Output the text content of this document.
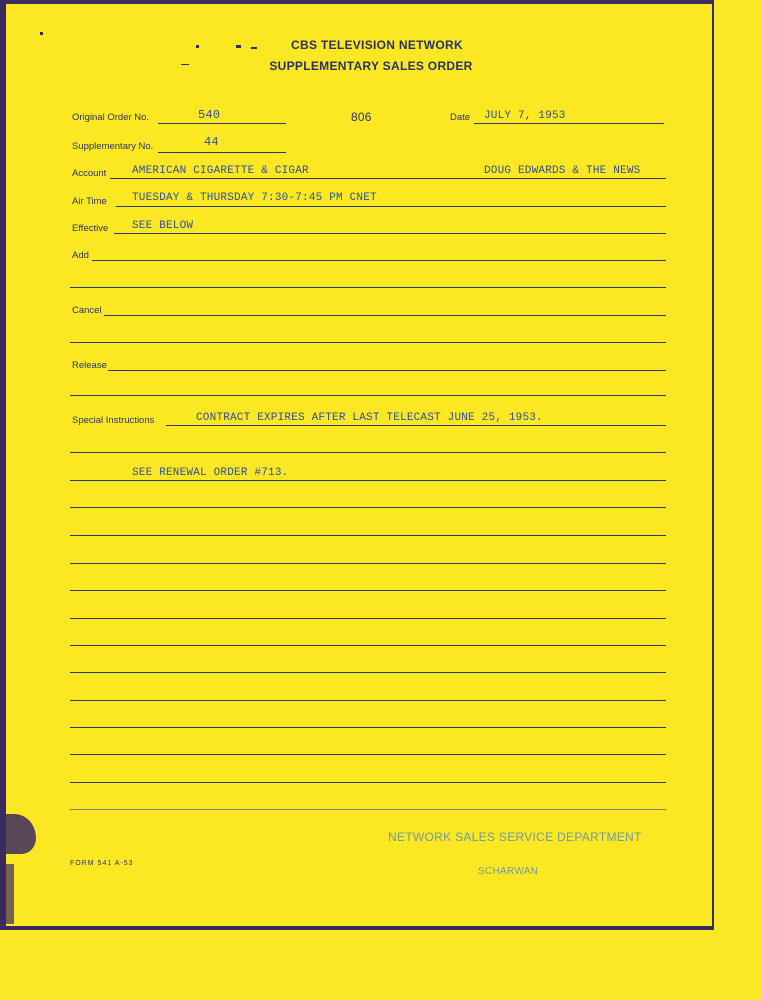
CBS TELEVISION NETWORK
SUPPLEMENTARY SALES ORDER
Original Order No.	540	806	Date JULY 7, 1953
Supplementary No.	44
Account AMERICAN CIGARETTE & CIGAR	DOUG EDWARDS & THE NEWS
Air Time TUESDAY & THURSDAY 7:30-7:45 PM CNET
Effective SEE BELOW
Add
Cancel
Release
Special Instructions	CONTRACT EXPIRES AFTER LAST TELECAST JUNE 25, 1953.
SEE RENEWAL ORDER #713.
NETWORK SALES SERVICE DEPARTMENT
SCHARWAN
FORM 541 A-53
